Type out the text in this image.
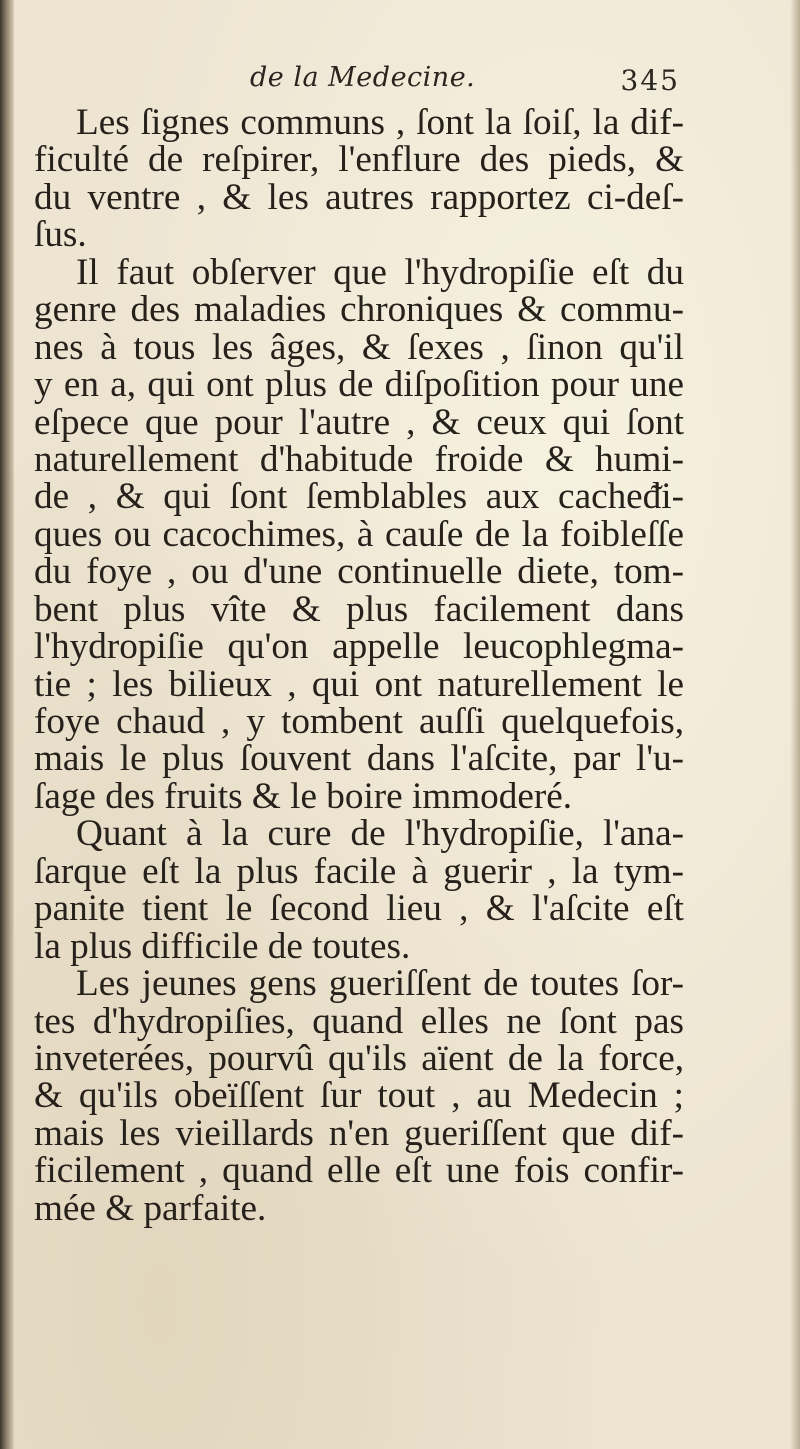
de la Medecine.	345
Les ſignes communs , ſont la ſoiſ, la dif-
ficulté de reſpirer, l'enflure des pieds, &
du ventre , & les autres rapportez ci-deſ-
ſus.
Il faut obſerver que l'hydropiſie eſt du
genre des maladies chroniques & commu-
nes à tous les âges, & ſexes , ſinon qu'il
y en a, qui ont plus de diſpoſition pour une
eſpece que pour l'autre , & ceux qui ſont
naturellement d'habitude froide & humi-
de , & qui ſont ſemblables aux cacheᵭi-
ques ou cacochimes, à cauſe de la foibleſſe
du foye , ou d'une continuelle diete, tom-
bent plus vîte & plus facilement dans
l'hydropiſie qu'on appelle leucophlegma-
tie ; les bilieux , qui ont naturellement le
foye chaud , y tombent auſſi quelquefois,
mais le plus ſouvent dans l'aſcite, par l'u-
ſage des fruits & le boire immoderé.
Quant à la cure de l'hydropiſie, l'ana-
ſarque eſt la plus facile à guerir , la tym-
panite tient le ſecond lieu , & l'aſcite eſt
la plus difficile de toutes.
Les jeunes gens gueriſſent de toutes ſor-
tes d'hydropiſies, quand elles ne ſont pas
inveterées, pourvû qu'ils aïent de la force,
& qu'ils obeïſſent ſur tout , au Medecin ;
mais les vieillards n'en gueriſſent que dif-
ficilement , quand elle eſt une fois confir-
mée & parfaite.
